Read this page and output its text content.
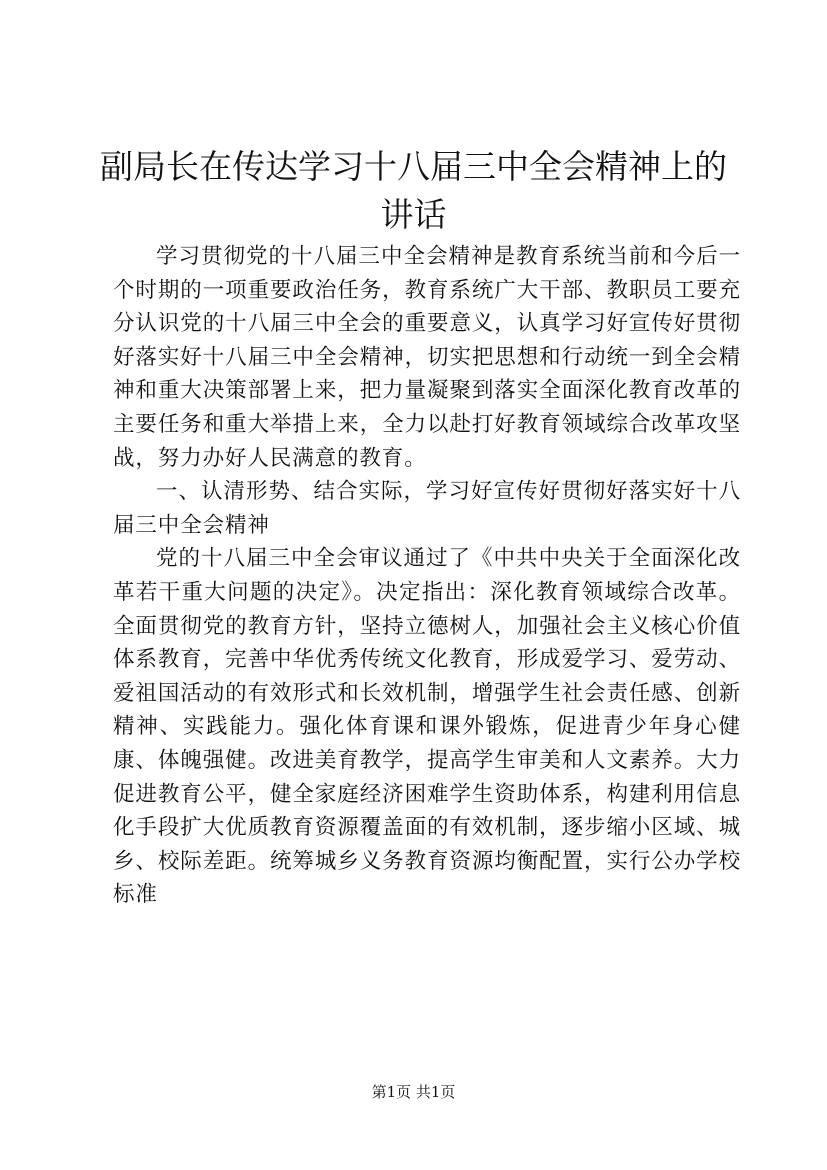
副局长在传达学习十八届三中全会精神上的讲话

学习贯彻党的十八届三中全会精神是教育系统当前和今后一个时期的一项重要政治任务，教育系统广大干部、教职员工要充分认识党的十八届三中全会的重要意义，认真学习好宣传好贯彻好落实好十八届三中全会精神，切实把思想和行动统一到全会精神和重大决策部署上来，把力量凝聚到落实全面深化教育改革的主要任务和重大举措上来，全力以赴打好教育领域综合改革攻坚战，努力办好人民满意的教育。

一、认清形势、结合实际，学习好宣传好贯彻好落实好十八届三中全会精神

党的十八届三中全会审议通过了《中共中央关于全面深化改革若干重大问题的决定》。决定指出：深化教育领域综合改革。全面贯彻党的教育方针，坚持立德树人，加强社会主义核心价值体系教育，完善中华优秀传统文化教育，形成爱学习、爱劳动、爱祖国活动的有效形式和长效机制，增强学生社会责任感、创新精神、实践能力。强化体育课和课外锻炼，促进青少年身心健康、体魄强健。改进美育教学，提高学生审美和人文素养。大力促进教育公平，健全家庭经济困难学生资助体系，构建利用信息化手段扩大优质教育资源覆盖面的有效机制，逐步缩小区域、城乡、校际差距。统筹城乡义务教育资源均衡配置，实行公办学校标准

第1页 共1页
